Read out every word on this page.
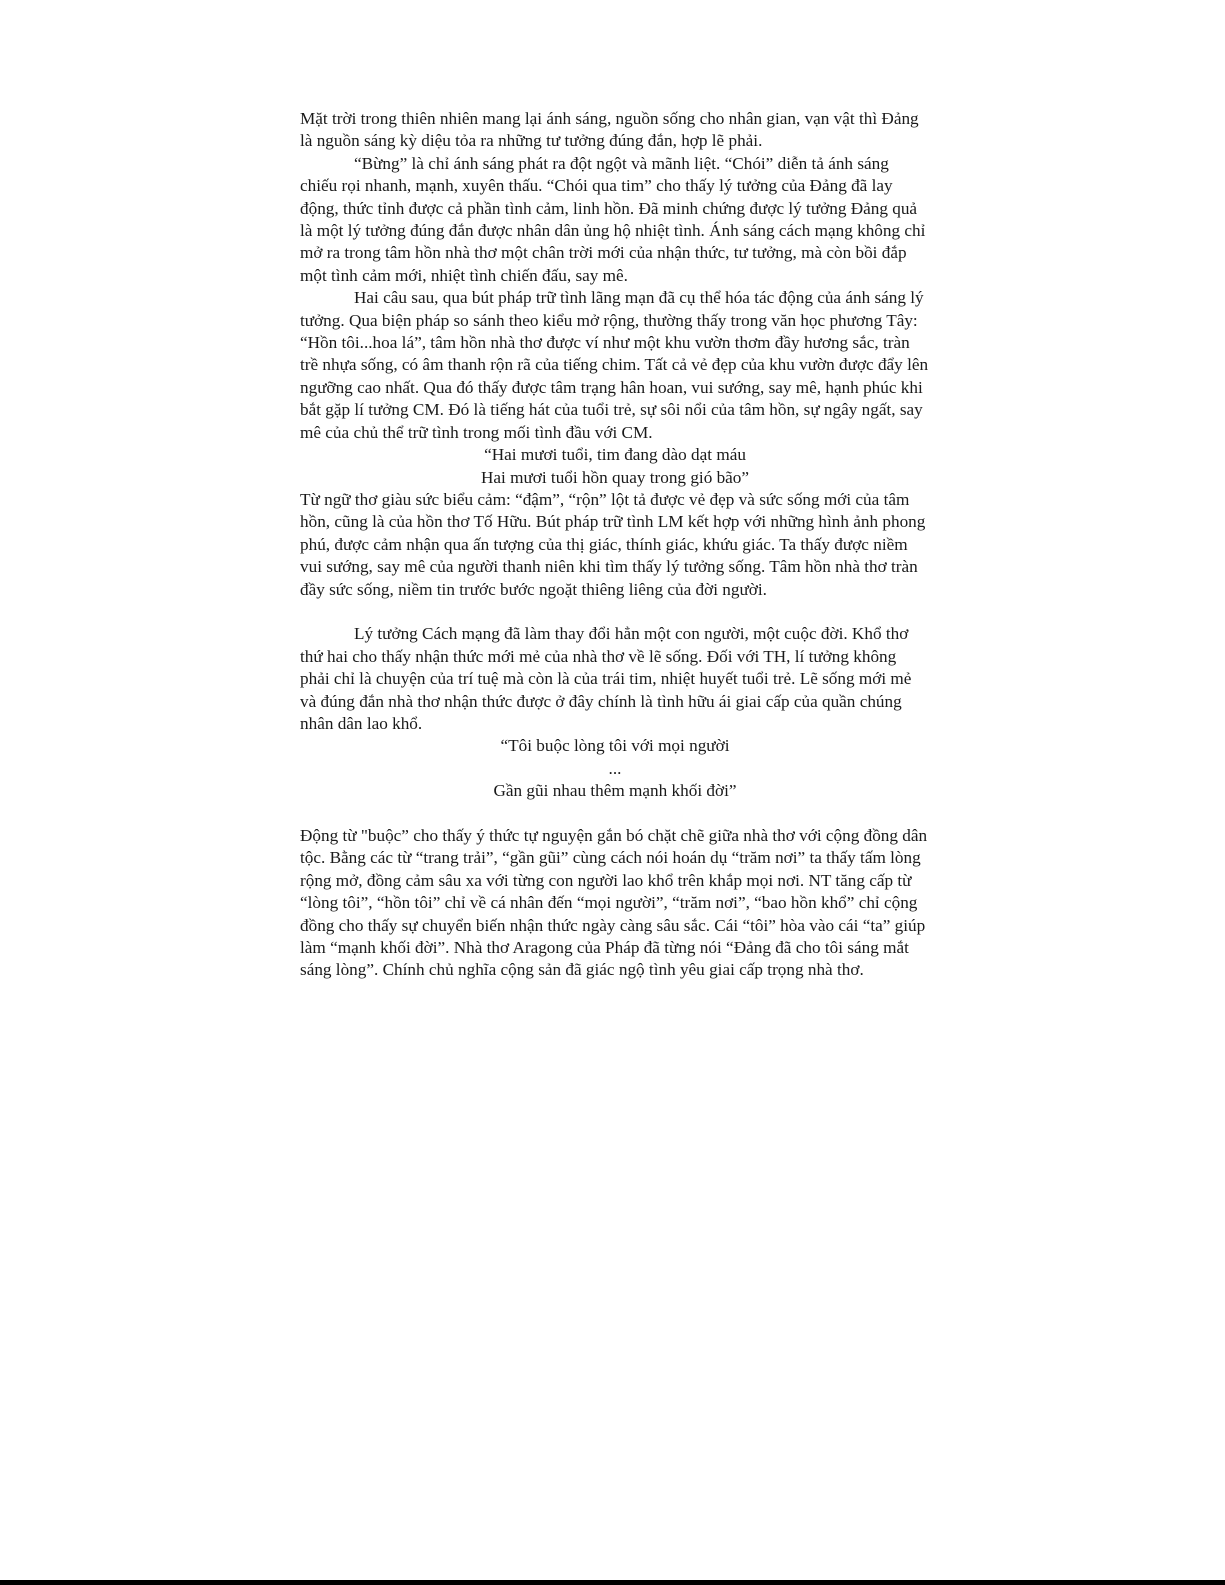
Mặt trời trong thiên nhiên mang lại ánh sáng, nguồn sống cho nhân gian, vạn vật thì Đảng là nguồn sáng kỳ diệu tỏa ra những tư tưởng đúng đắn, hợp lẽ phải.

“Bừng” là chỉ ánh sáng phát ra đột ngột và mãnh liệt. “Chói” diễn tả ánh sáng chiếu rọi nhanh, mạnh, xuyên thấu. “Chói qua tim” cho thấy lý tưởng của Đảng đã lay động, thức tỉnh được cả phần tình cảm, linh hồn. Đã minh chứng được lý tưởng Đảng quả là một lý tưởng đúng đắn được nhân dân ủng hộ nhiệt tình. Ánh sáng cách mạng không chỉ mở ra trong tâm hồn nhà thơ một chân trời mới của nhận thức, tư tưởng, mà còn bồi đắp một tình cảm mới, nhiệt tình chiến đấu, say mê.

Hai câu sau, qua bút pháp trữ tình lãng mạn đã cụ thể hóa tác động của ánh sáng lý tưởng. Qua biện pháp so sánh theo kiểu mở rộng, thường thấy trong văn học phương Tây: “Hồn tôi...hoa lá”, tâm hồn nhà thơ được ví như một khu vườn thơm đầy hương sắc, tràn trề nhựa sống, có âm thanh rộn rã của tiếng chim. Tất cả vẻ đẹp của khu vườn được đẩy lên ngưỡng cao nhất. Qua đó thấy được tâm trạng hân hoan, vui sướng, say mê, hạnh phúc khi bắt gặp lí tưởng CM. Đó là tiếng hát của tuổi trẻ, sự sôi nổi của tâm hồn, sự ngây ngất, say mê của chủ thể trữ tình trong mối tình đầu với CM.

“Hai mươi tuổi, tim đang dào dạt máu
Hai mươi tuổi hồn quay trong gió bão”

Từ ngữ thơ giàu sức biểu cảm: “đậm”, “rộn” lột tả được vẻ đẹp và sức sống mới của tâm hồn, cũng là của hồn thơ Tố Hữu. Bút pháp trữ tình LM kết hợp với những hình ảnh phong phú, được cảm nhận qua ấn tượng của thị giác, thính giác, khứu giác. Ta thấy được niềm vui sướng, say mê của người thanh niên khi tìm thấy lý tưởng sống. Tâm hồn nhà thơ tràn đầy sức sống, niềm tin trước bước ngoặt thiêng liêng của đời người.

Lý tưởng Cách mạng đã làm thay đổi hẳn một con người, một cuộc đời. Khổ thơ thứ hai cho thấy nhận thức mới mẻ của nhà thơ về lẽ sống. Đối với TH, lí tưởng không phải chỉ là chuyện của trí tuệ mà còn là của trái tim, nhiệt huyết tuổi trẻ. Lẽ sống mới mẻ và đúng đắn nhà thơ nhận thức được ở đây chính là tình hữu ái giai cấp của quần chúng nhân dân lao khổ.

“Tôi buộc lòng tôi với mọi người
...
Gần gũi nhau thêm mạnh khối đời”

Động từ "buộc” cho thấy ý thức tự nguyện gắn bó chặt chẽ giữa nhà thơ với cộng đồng dân tộc. Bằng các từ “trang trải”, “gần gũi” cùng cách nói hoán dụ “trăm nơi” ta thấy tấm lòng rộng mở, đồng cảm sâu xa với từng con người lao khổ trên khắp mọi nơi. NT tăng cấp từ “lòng tôi”, “hồn tôi” chỉ về cá nhân đến “mọi người”, “trăm nơi”, “bao hồn khổ” chỉ cộng đồng cho thấy sự chuyển biến nhận thức ngày càng sâu sắc. Cái “tôi” hòa vào cái “ta” giúp làm “mạnh khối đời”. Nhà thơ Aragong của Pháp đã từng nói “Đảng đã cho tôi sáng mắt sáng lòng”. Chính chủ nghĩa cộng sản đã giác ngộ tình yêu giai cấp trọng nhà thơ.
